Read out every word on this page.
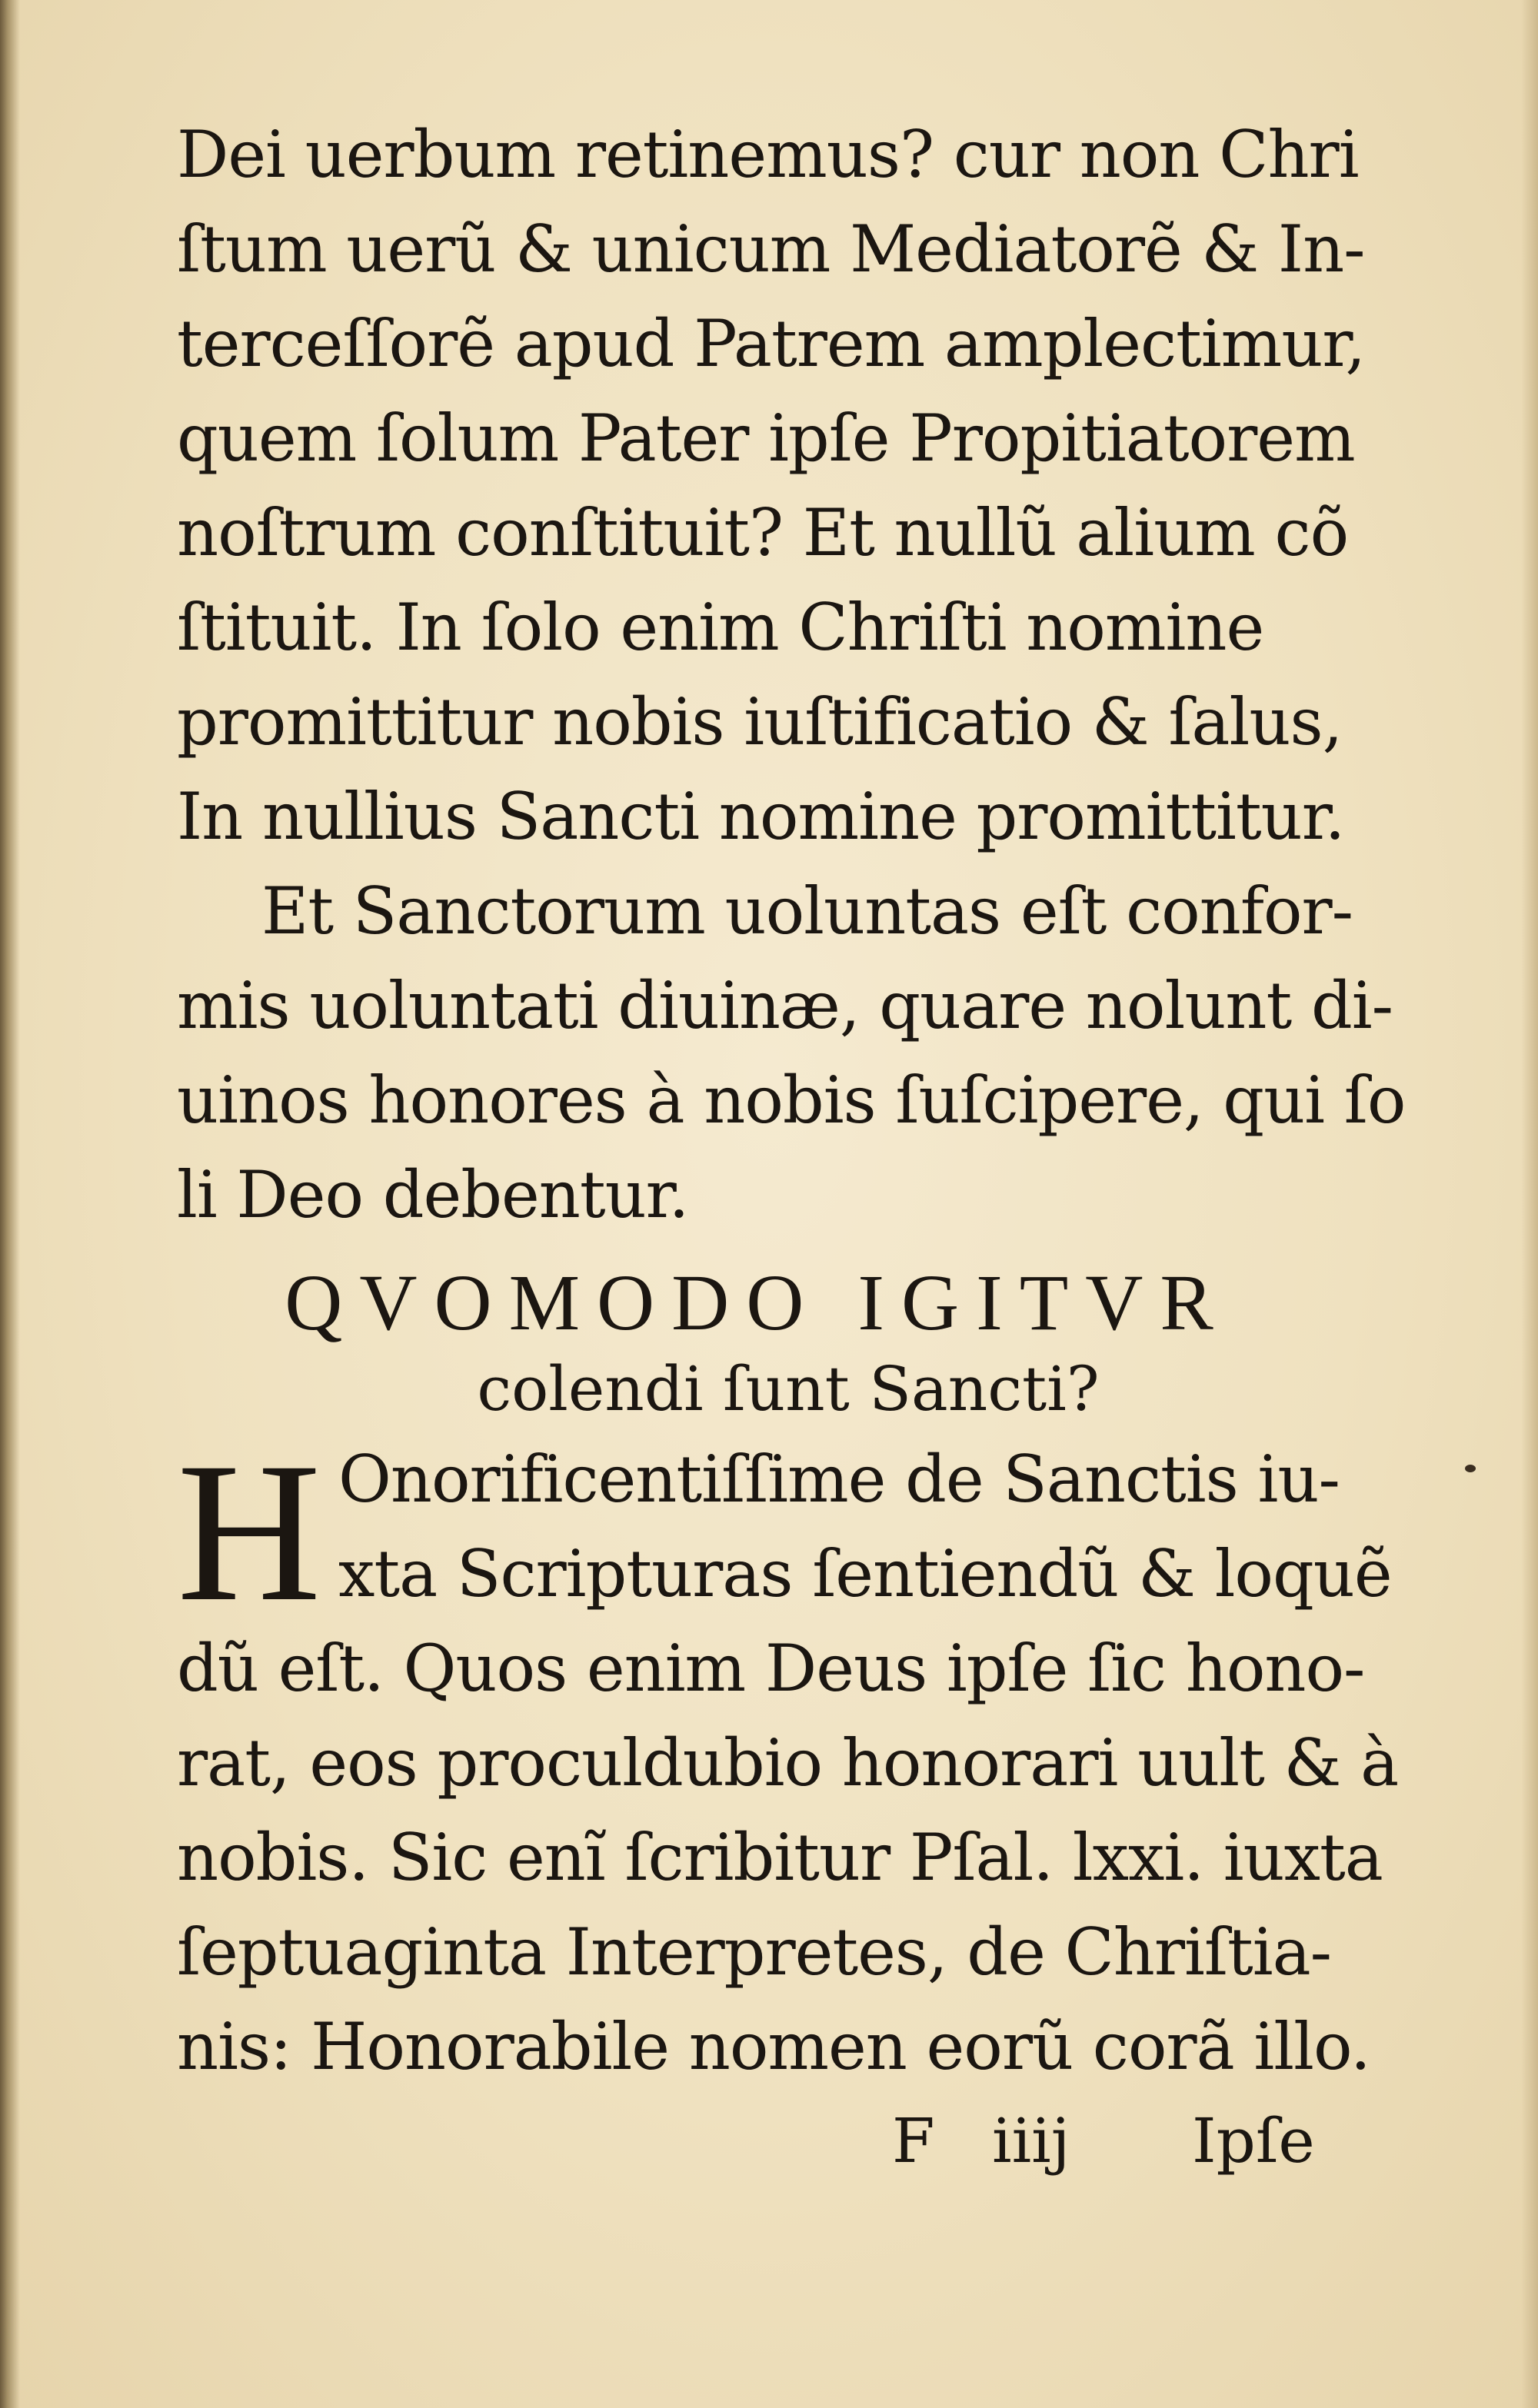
Dei uerbum retinemus? cur non Chri
ſtum uerũ & unicum Mediatorẽ & In-
terceſſorẽ apud Patrem amplectimur,
quem ſolum Pater ipſe Propitiatorem
noſtrum conſtituit? Et nullũ alium cõ
ſtituit. In ſolo enim Chriſti nomine
promittitur nobis iuſtificatio & ſalus,
In nullius Sancti nomine promittitur.
Et Sanctorum uoluntas eſt confor-
mis uoluntati diuinæ, quare nolunt di-
uinos honores à nobis ſuſcipere, qui ſo
li Deo debentur.
QVOMODO IGITVR
colendi ſunt Sancti?
H Onorificentiſſime de Sanctis iu-
xta Scripturas ſentiendũ & loquẽ
dũ eſt. Quos enim Deus ipſe ſic hono-
rat, eos proculdubio honorari uult & à
nobis. Sic enĩ ſcribitur Pſal. lxxi. iuxta
ſeptuaginta Interpretes, de Chriſtia-
nis: Honorabile nomen eorũ corã illo.
F iiij Ipſe
